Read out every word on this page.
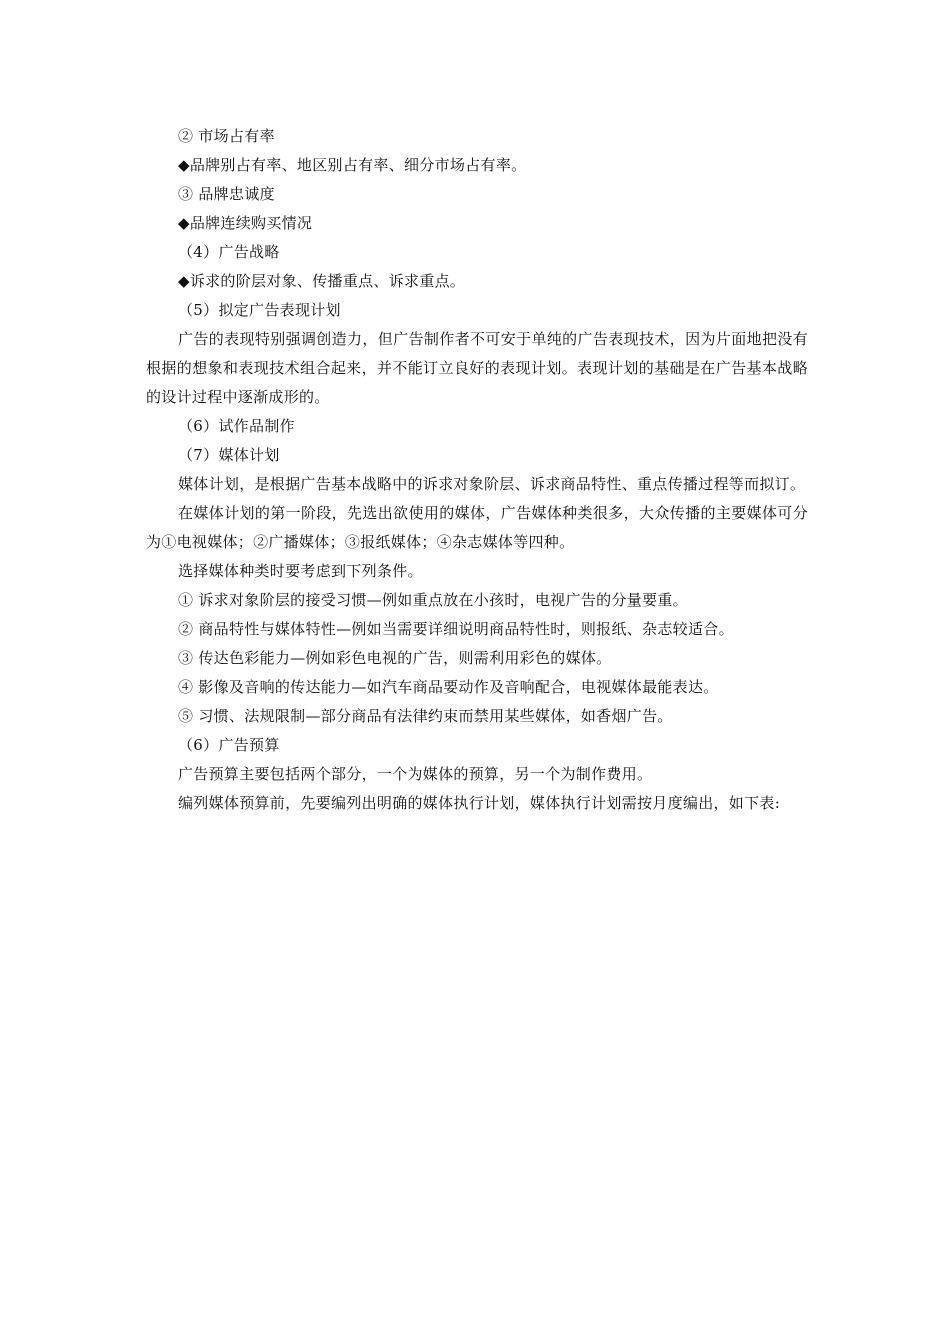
② 市场占有率
◆品牌别占有率、地区别占有率、细分市场占有率。
③ 品牌忠诚度
◆品牌连续购买情况
（4）广告战略
◆诉求的阶层对象、传播重点、诉求重点。
（5）拟定广告表现计划
广告的表现特别强调创造力，但广告制作者不可安于单纯的广告表现技术，因为片面地把没有根据的想象和表现技术组合起来，并不能订立良好的表现计划。表现计划的基础是在广告基本战略的设计过程中逐渐成形的。
（6）试作品制作
（7）媒体计划
媒体计划，是根据广告基本战略中的诉求对象阶层、诉求商品特性、重点传播过程等而拟订。
在媒体计划的第一阶段，先选出欲使用的媒体，广告媒体种类很多，大众传播的主要媒体可分为①电视媒体；②广播媒体；③报纸媒体；④杂志媒体等四种。
选择媒体种类时要考虑到下列条件。
① 诉求对象阶层的接受习惯—例如重点放在小孩时，电视广告的分量要重。
② 商品特性与媒体特性—例如当需要详细说明商品特性时，则报纸、杂志较适合。
③ 传达色彩能力—例如彩色电视的广告，则需利用彩色的媒体。
④ 影像及音响的传达能力—如汽车商品要动作及音响配合，电视媒体最能表达。
⑤ 习惯、法规限制—部分商品有法律约束而禁用某些媒体，如香烟广告。
（6）广告预算
广告预算主要包括两个部分，一个为媒体的预算，另一个为制作费用。
编列媒体预算前，先要编列出明确的媒体执行计划，媒体执行计划需按月度编出，如下表:
